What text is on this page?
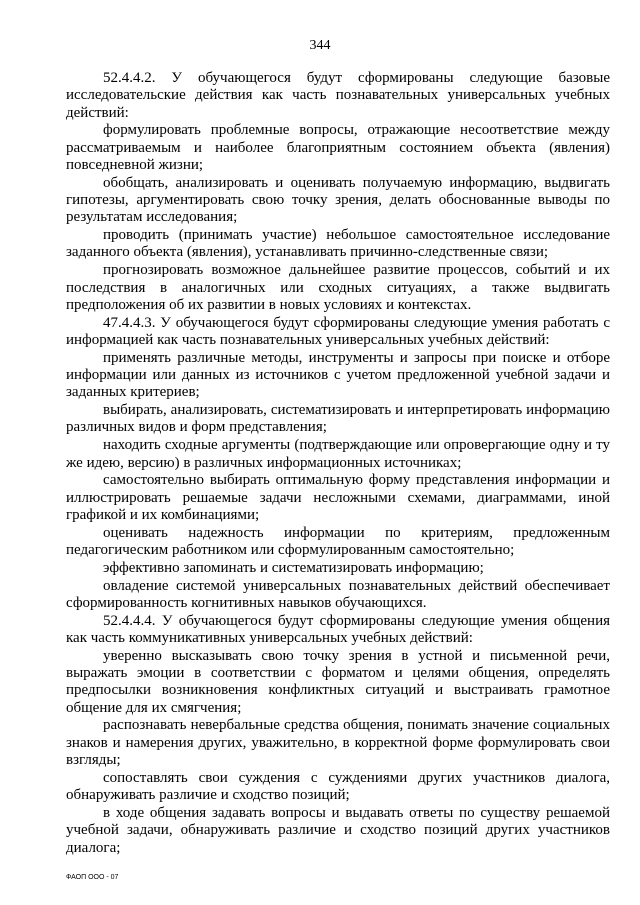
344

52.4.4.2. У обучающегося будут сформированы следующие базовые исследовательские действия как часть познавательных универсальных учебных действий:

формулировать проблемные вопросы, отражающие несоответствие между рассматриваемым и наиболее благоприятным состоянием объекта (явления) повседневной жизни;

обобщать, анализировать и оценивать получаемую информацию, выдвигать гипотезы, аргументировать свою точку зрения, делать обоснованные выводы по результатам исследования;

проводить (принимать участие) небольшое самостоятельное исследование заданного объекта (явления), устанавливать причинно-следственные связи;

прогнозировать возможное дальнейшее развитие процессов, событий и их последствия в аналогичных или сходных ситуациях, а также выдвигать предположения об их развитии в новых условиях и контекстах.

47.4.4.3. У обучающегося будут сформированы следующие умения работать с информацией как часть познавательных универсальных учебных действий:

применять различные методы, инструменты и запросы при поиске и отборе информации или данных из источников с учетом предложенной учебной задачи и заданных критериев;

выбирать, анализировать, систематизировать и интерпретировать информацию различных видов и форм представления;

находить сходные аргументы (подтверждающие или опровергающие одну и ту же идею, версию) в различных информационных источниках;

самостоятельно выбирать оптимальную форму представления информации и иллюстрировать решаемые задачи несложными схемами, диаграммами, иной графикой и их комбинациями;

оценивать надежность информации по критериям, предложенным педагогическим работником или сформулированным самостоятельно;

эффективно запоминать и систематизировать информацию;

овладение системой универсальных познавательных действий обеспечивает сформированность когнитивных навыков обучающихся.

52.4.4.4. У обучающегося будут сформированы следующие умения общения как часть коммуникативных универсальных учебных действий:

уверенно высказывать свою точку зрения в устной и письменной речи, выражать эмоции в соответствии с форматом и целями общения, определять предпосылки возникновения конфликтных ситуаций и выстраивать грамотное общение для их смягчения;

распознавать невербальные средства общения, понимать значение социальных знаков и намерения других, уважительно, в корректной форме формулировать свои взгляды;

сопоставлять свои суждения с суждениями других участников диалога, обнаруживать различие и сходство позиций;

в ходе общения задавать вопросы и выдавать ответы по существу решаемой учебной задачи, обнаруживать различие и сходство позиций других участников диалога;

ФАОП ООО - 07
